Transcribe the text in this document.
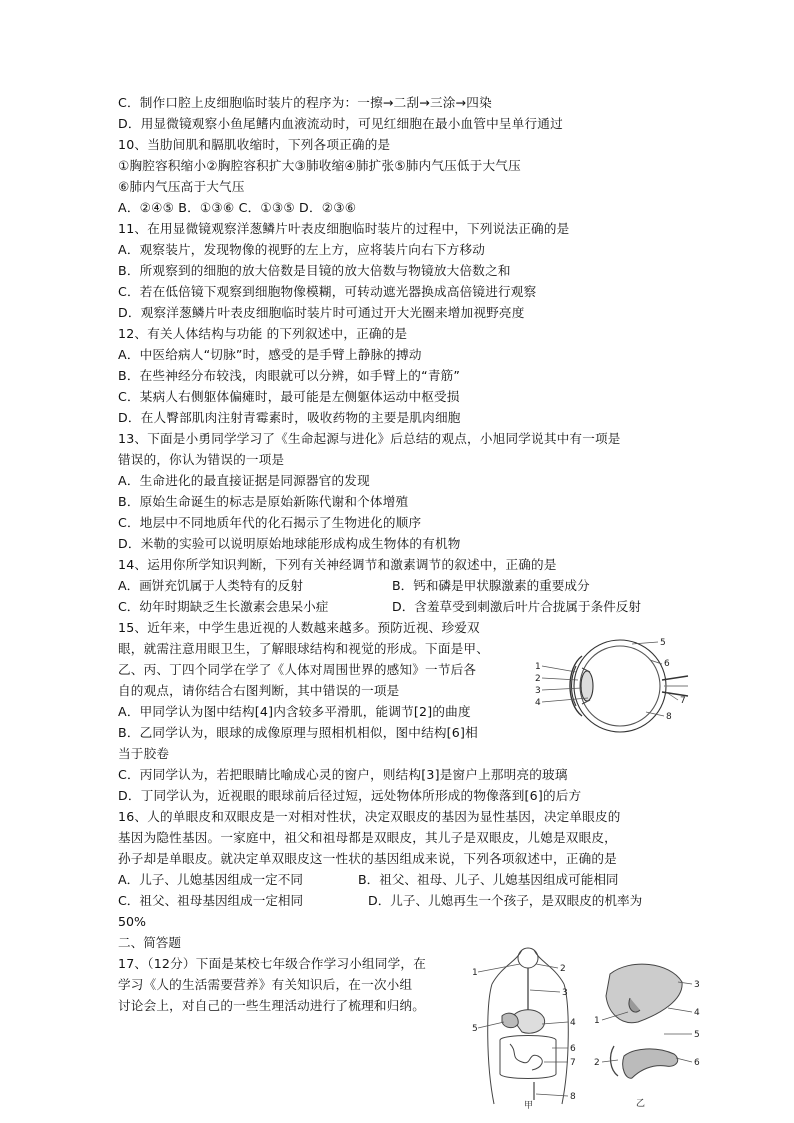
C．制作口腔上皮细胞临时装片的程序为：一擦→二刮→三涂→四染
D．用显微镜观察小鱼尾鳍内血液流动时，可见红细胞在最小血管中呈单行通过
10、当肋间肌和膈肌收缩时，下列各项正确的是
①胸腔容积缩小②胸腔容积扩大③肺收缩④肺扩张⑤肺内气压低于大气压
⑥肺内气压高于大气压
A．②④⑤ B．①③⑥ C．①③⑤ D．②③⑥
11、在用显微镜观察洋葱鳞片叶表皮细胞临时装片的过程中，下列说法正确的是
A．观察装片，发现物像的视野的左上方，应将装片向右下方移动
B．所观察到的细胞的放大倍数是目镜的放大倍数与物镜放大倍数之和
C．若在低倍镜下观察到细胞物像模糊，可转动遮光器换成高倍镜进行观察
D．观察洋葱鳞片叶表皮细胞临时装片时可通过开大光圈来增加视野亮度
12、有关人体结构与功能 的下列叙述中，正确的是
A．中医给病人“切脉”时，感受的是手臂上静脉的搏动
B．在些神经分布较浅，肉眼就可以分辨，如手臂上的“青筋”
C．某病人右侧躯体偏瘫时，最可能是左侧躯体运动中枢受损
D．在人臀部肌肉注射青霉素时，吸收药物的主要是肌肉细胞
13、下面是小勇同学学习了《生命起源与进化》后总结的观点，小旭同学说其中有一项是
错误的，你认为错误的一项是
A．生命进化的最直接证据是同源器官的发现
B．原始生命诞生的标志是原始新陈代谢和个体增殖
C．地层中不同地质年代的化石揭示了生物进化的顺序
D．米勒的实验可以说明原始地球能形成构成生物体的有机物
14、运用你所学知识判断，下列有关神经调节和激素调节的叙述中，正确的是
A．画饼充饥属于人类特有的反射	B．钙和磷是甲状腺激素的重要成分
C．幼年时期缺乏生长激素会患呆小症	D．含羞草受到刺激后叶片合拢属于条件反射
15、近年来，中学生患近视的人数越来越多。预防近视、珍爱双
眼，就需注意用眼卫生，了解眼球结构和视觉的形成。下面是甲、
乙、丙、丁四个同学在学了《人体对周围世界的感知》一节后各
自的观点，请你结合右图判断，其中错误的一项是
A．甲同学认为图中结构[4]内含较多平滑肌，能调节[2]的曲度
B．乙同学认为，眼球的成像原理与照相机相似，图中结构[6]相
当于胶卷
1
2
3
4
5
6
7
8
C．丙同学认为，若把眼睛比喻成心灵的窗户，则结构[3]是窗户上那明亮的玻璃
D．丁同学认为，近视眼的眼球前后径过短，远处物体所形成的物像落到[6]的后方
16、人的单眼皮和双眼皮是一对相对性状，决定双眼皮的基因为显性基因，决定单眼皮的
基因为隐性基因。一家庭中，祖父和祖母都是双眼皮，其儿子是双眼皮，儿媳是双眼皮，
孙子却是单眼皮。就决定单双眼皮这一性状的基因组成来说，下列各项叙述中，正确的是
A．儿子、儿媳基因组成一定不同	B．祖父、祖母、儿子、儿媳基因组成可能相同
C．祖父、祖母基因组成一定相同	D．儿子、儿媳再生一个孩子，是双眼皮的机率为
50%
二、简答题
17、（12分）下面是某校七年级合作学习小组同学，在
学习《人的生活需要营养》有关知识后，在一次小组
讨论会上，对自己的一些生理活动进行了梳理和归纳。
1	2
3
4
5
6
7
8
甲
3
4
1
5
2	6
乙
